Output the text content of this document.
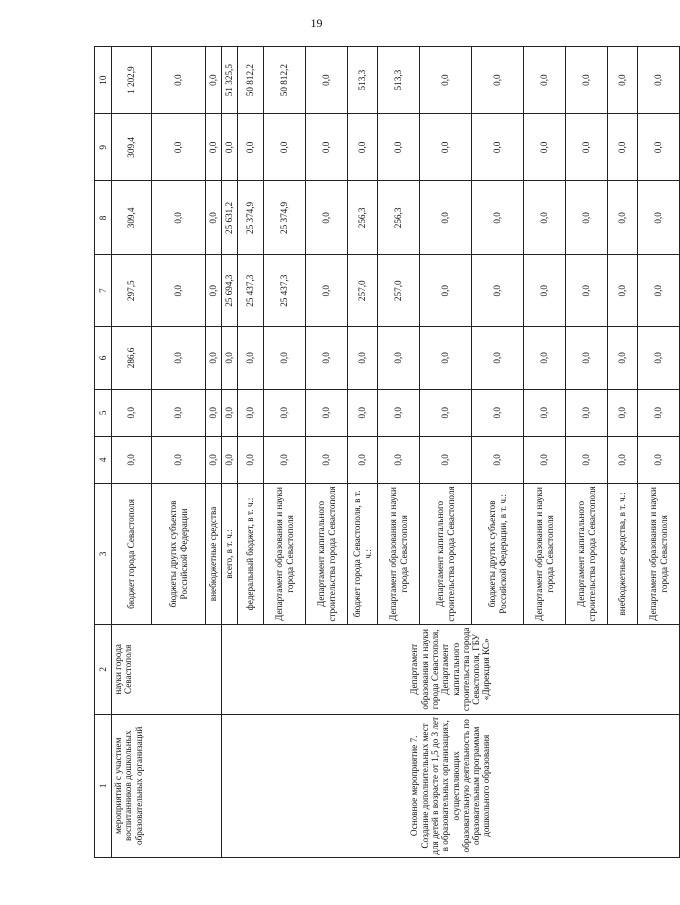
19
1	2	3	4	5	6	7	8	9	10
мероприятий с участием воспитанников дошкольных образовательных организаций	науки города Севастополя	бюджет города Севастополя	0,0	0,0	286,6	297,5	309,4	309,4	1 202,9
		бюджеты других субъектов Российской Федерации	0,0	0,0	0,0	0,0	0,0	0,0	0,0
		внебюджетные средства	0,0	0,0	0,0	0,0	0,0	0,0	0,0
Основное мероприятие 7. Создание дополнительных мест для детей в возрасте от 1,5 до 3 лет в образовательных организациях, осуществляющих образовательную деятельность по образовательным программам дошкольного образования	Департамент образования и науки города Севастополя, Департамент капитального строительства города Севастополя, ГБУ «Дирекция КС»	всего, в т. ч.:	0,0	0,0	0,0	25 694,3	25 631,2	0,0	51 325,5
		федеральный бюджет, в т. ч.:	0,0	0,0	0,0	25 437,3	25 374,9	0,0	50 812,2
		Департамент образования и науки города Севастополя	0,0	0,0	0,0	25 437,3	25 374,9	0,0	50 812,2
		Департамент капитального строительства города Севастополя	0,0	0,0	0,0	0,0	0,0	0,0	0,0
		бюджет города Севастополя, в т. ч.:	0,0	0,0	0,0	257,0	256,3	0,0	513,3
		Департамент образования и науки города Севастополя	0,0	0,0	0,0	257,0	256,3	0,0	513,3
		Департамент капитального строительства города Севастополя	0,0	0,0	0,0	0,0	0,0	0,0	0,0
		бюджеты других субъектов Российской Федерации, в т. ч.:	0,0	0,0	0,0	0,0	0,0	0,0	0,0
		Департамент образования и науки города Севастополя	0,0	0,0	0,0	0,0	0,0	0,0	0,0
		Департамент капитального строительства города Севастополя	0,0	0,0	0,0	0,0	0,0	0,0	0,0
		внебюджетные средства, в т. ч.:	0,0	0,0	0,0	0,0	0,0	0,0	0,0
		Департамент образования и науки города Севастополя	0,0	0,0	0,0	0,0	0,0	0,0	0,0
